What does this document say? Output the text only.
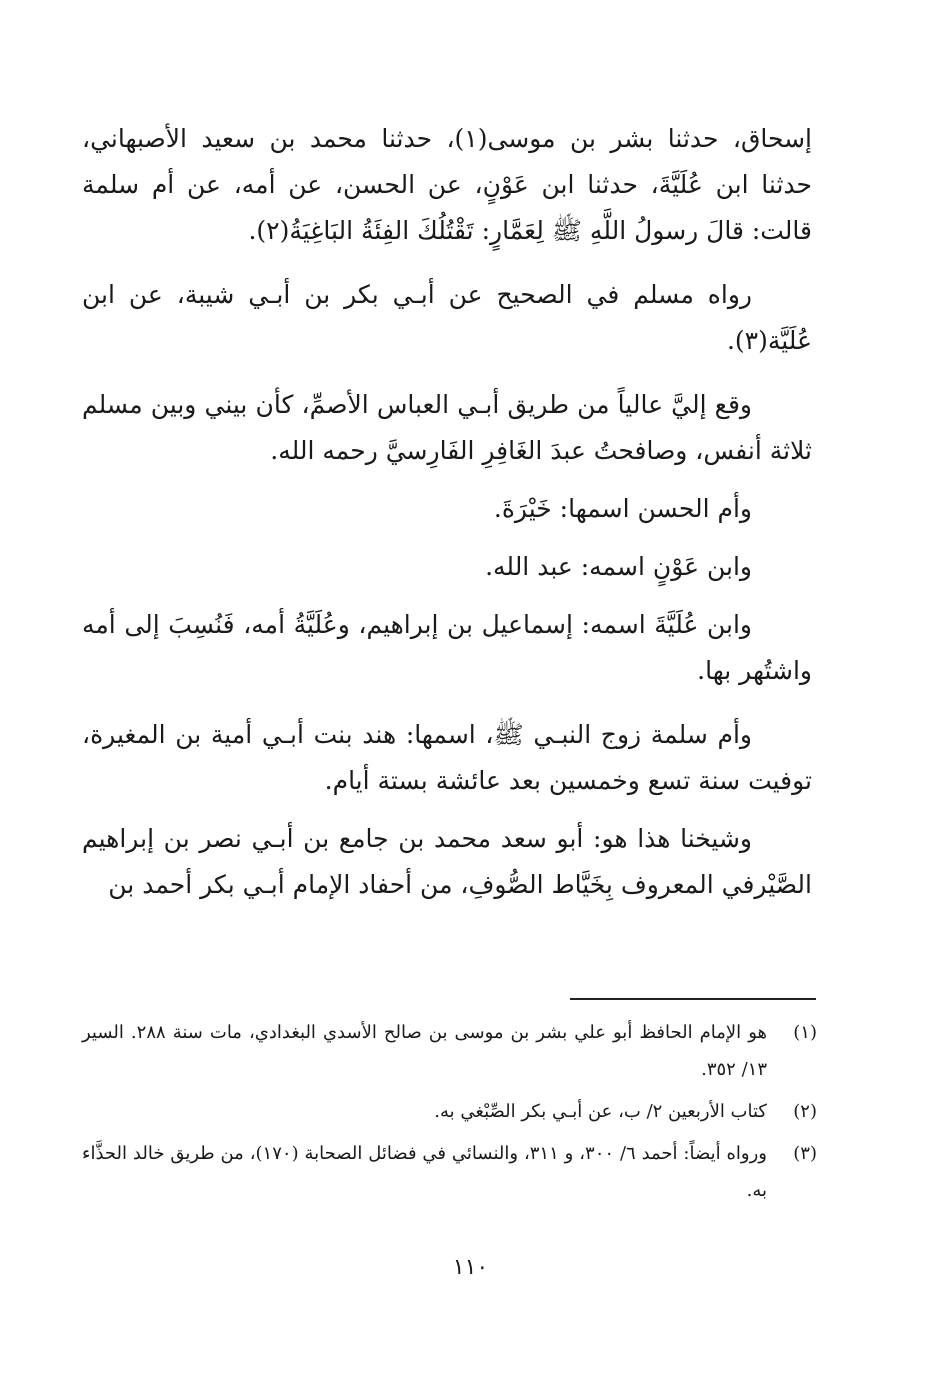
إسحاق، حدثنا بشر بن موسى(١)، حدثنا محمد بن سعيد الأصبهاني، حدثنا ابن عُلَيَّةَ، حدثنا ابن عَوْنٍ، عن الحسن، عن أمه، عن أم سلمة قالت: قالَ رسولُ اللَّهِ ﷺ لِعَمَّارٍ: تَقْتُلُكَ الفِئَةُ البَاغِيَةُ(٢).

رواه مسلم في الصحيح عن أبـي بكر بن أبـي شيبة، عن ابن عُلَيَّة(٣).

وقع إليَّ عالياً من طريق أبـي العباس الأصمِّ، كأن بيني وبين مسلم ثلاثة أنفس، وصافحتُ عبدَ الغَافِرِ الفَارِسيَّ رحمه الله.

وأم الحسن اسمها: خَيْرَةَ.

وابن عَوْنٍ اسمه: عبد الله.

وابن عُلَيَّةَ اسمه: إسماعيل بن إبراهيم، وعُلَيَّةُ أمه، فَنُسِبَ إلى أمه واشتُهر بها.

وأم سلمة زوج النبـي ﷺ، اسمها: هند بنت أبـي أمية بن المغيرة، توفيت سنة تسع وخمسين بعد عائشة بستة أيام.

وشيخنا هذا هو: أبو سعد محمد بن جامع بن أبـي نصر بن إبراهيم الصَّيْرفي المعروف بِخَيَّاط الصُّوفِ، من أحفاد الإمام أبـي بكر أحمد بن

(١)
هو الإمام الحافظ أبو علي بشر بن موسى بن صالح الأسدي البغدادي، مات سنة ٢٨٨. السير ١٣/ ٣٥٢.
(٢)
كتاب الأربعين ٢/ ب، عن أبـي بكر الصِّبْغي به.
(٣)
ورواه أيضاً: أحمد ٦/ ٣٠٠، و ٣١١، والنسائي في فضائل الصحابة (١٧٠)، من طريق خالد الحذَّاء به.
١١٠
